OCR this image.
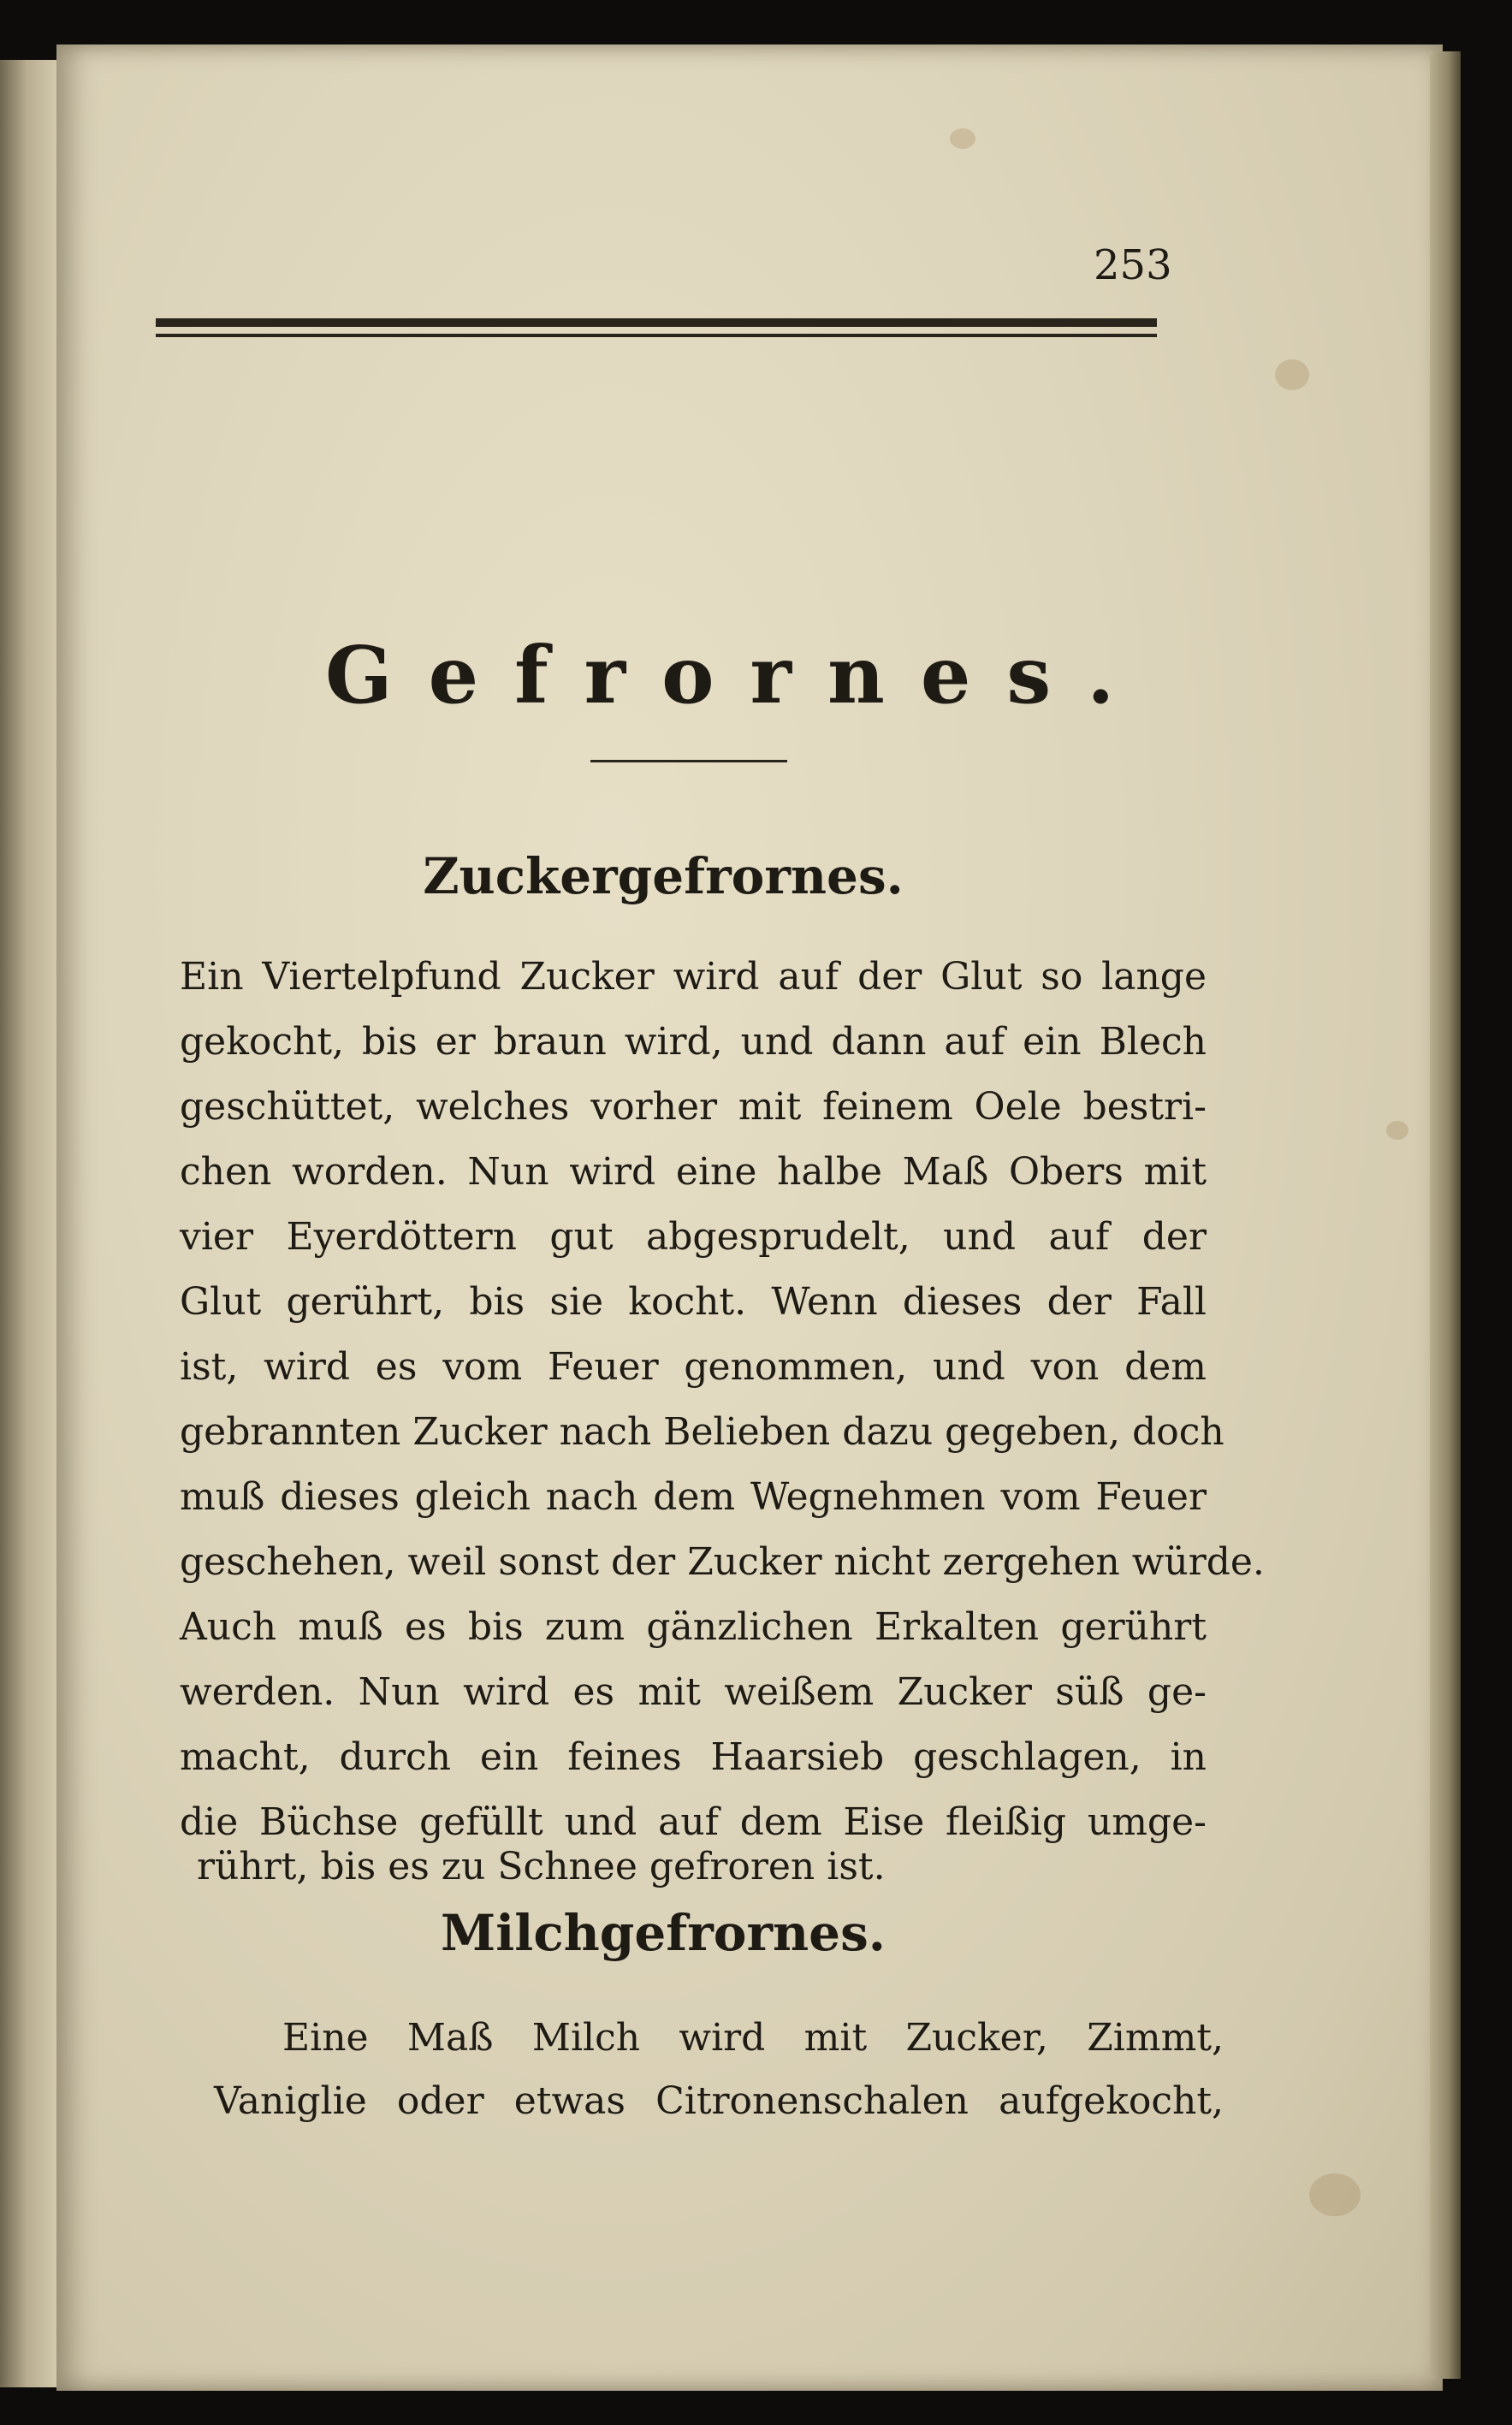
253
Gefrornes.
Zuckergefrornes.
Ein Viertelpfund Zucker wird auf der Glut so lange
gekocht, bis er braun wird, und dann auf ein Blech
geschüttet, welches vorher mit feinem Oele bestri-
chen worden. Nun wird eine halbe Maß Obers mit
vier Eyerdöttern gut abgesprudelt, und auf der
Glut gerührt, bis sie kocht. Wenn dieses der Fall
ist, wird es vom Feuer genommen, und von dem
gebrannten Zucker nach Belieben dazu gegeben, doch
muß dieses gleich nach dem Wegnehmen vom Feuer
geschehen, weil sonst der Zucker nicht zergehen würde.
Auch muß es bis zum gänzlichen Erkalten gerührt
werden. Nun wird es mit weißem Zucker süß ge-
macht, durch ein feines Haarsieb geschlagen, in
die Büchse gefüllt und auf dem Eise fleißig umge-
rührt, bis es zu Schnee gefroren ist.
Milchgefrornes.
Eine Maß Milch wird mit Zucker, Zimmt,
Vaniglie oder etwas Citronenschalen aufgekocht,
